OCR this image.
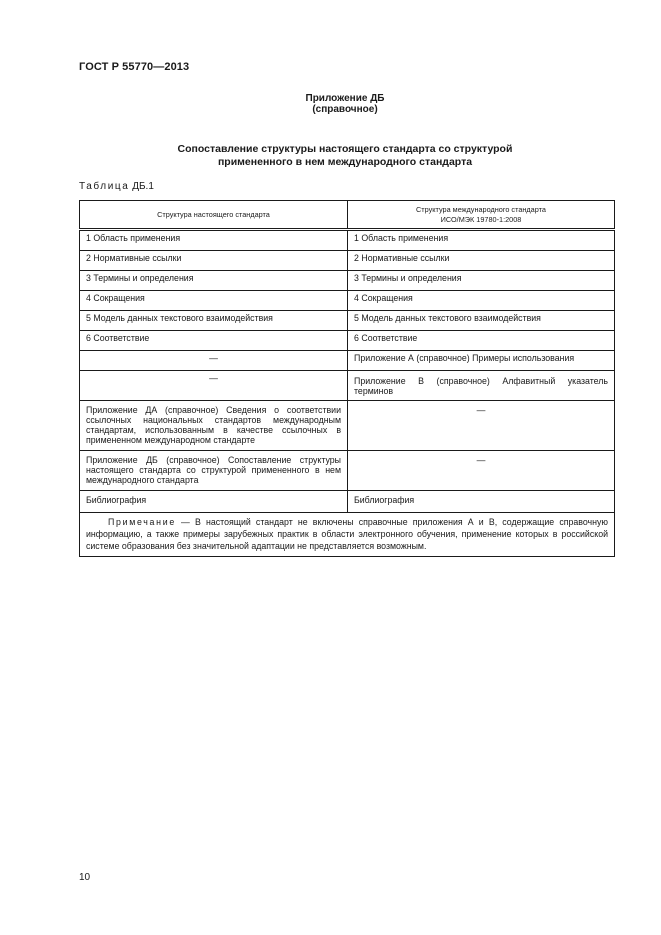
ГОСТ Р 55770—2013
Приложение ДБ
(справочное)
Сопоставление структуры настоящего стандарта со структурой
примененного в нем международного стандарта
Таблица ДБ.1
Структура настоящего стандарта	Структура международного стандарта
ИСО/МЭК 19780-1:2008

1 Область применения	1 Область применения
2 Нормативные ссылки	2 Нормативные ссылки
3 Термины и определения	3 Термины и определения
4 Сокращения	4 Сокращения
5 Модель данных текстового взаимодействия	5 Модель данных текстового взаимодействия
6 Соответствие	6 Соответствие
—	Приложение А (справочное) Примеры использования
—	Приложение В (справочное) Алфавитный указатель терминов
Приложение ДА (справочное) Сведения о соответствии ссылочных национальных стандартов международным стандартам, использованным в качестве ссылочных в примененном международном стандарте	—
Приложение ДБ (справочное) Сопоставление структуры настоящего стандарта со структурой примененного в нем международного стандарта	—
Библиография	Библиография
Примечание — В настоящий стандарт не включены справочные приложения А и В, содержащие справочную информацию, а также примеры зарубежных практик в области электронного обучения, применение которых в российской системе образования без значительной адаптации не представляется возможным.	
10
